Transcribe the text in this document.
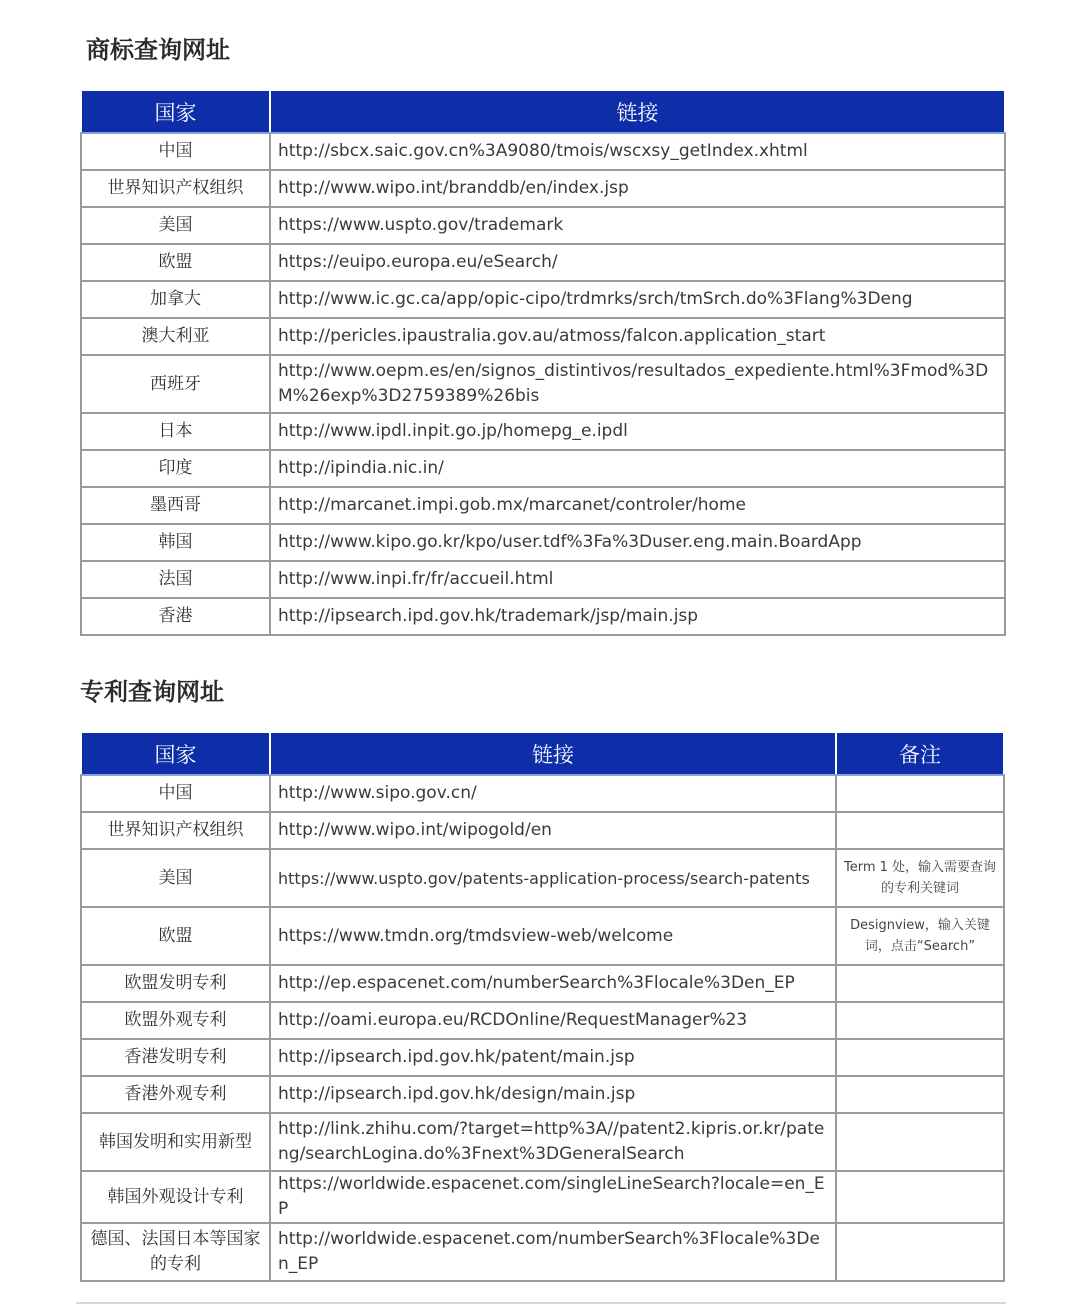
商标查询网址
国家	链接
中国	http://sbcx.saic.gov.cn%3A9080/tmois/wscxsy_getIndex.xhtml
世界知识产权组织	http://www.wipo.int/branddb/en/index.jsp
美国	https://www.uspto.gov/trademark
欧盟	https://euipo.europa.eu/eSearch/
加拿大	http://www.ic.gc.ca/app/opic-cipo/trdmrks/srch/tmSrch.do%3Flang%3Deng
澳大利亚	http://pericles.ipaustralia.gov.au/atmoss/falcon.application_start
西班牙	http://www.oepm.es/en/signos_distintivos/resultados_expediente.html%3Fmod%3DM%26exp%3D2759389%26bis
日本	http://www.ipdl.inpit.go.jp/homepg_e.ipdl
印度	http://ipindia.nic.in/
墨西哥	http://marcanet.impi.gob.mx/marcanet/controler/home
韩国	http://www.kipo.go.kr/kpo/user.tdf%3Fa%3Duser.eng.main.BoardApp
法国	http://www.inpi.fr/fr/accueil.html
香港	http://ipsearch.ipd.gov.hk/trademark/jsp/main.jsp
专利查询网址
国家	链接	备注
中国	http://www.sipo.gov.cn/	
世界知识产权组织	http://www.wipo.int/wipogold/en	
美国	https://www.uspto.gov/patents-application-process/search-patents	Term 1 处，输入需要查询的专利关键词
欧盟	https://www.tmdn.org/tmdsview-web/welcome	Designview，输入关键词，点击“Search”
欧盟发明专利	http://ep.espacenet.com/numberSearch%3Flocale%3Den_EP	
欧盟外观专利	http://oami.europa.eu/RCDOnline/RequestManager%23	
香港发明专利	http://ipsearch.ipd.gov.hk/patent/main.jsp	
香港外观专利	http://ipsearch.ipd.gov.hk/design/main.jsp	
韩国发明和实用新型	http://link.zhihu.com/?target=http%3A//patent2.kipris.or.kr/pateng/searchLogina.do%3Fnext%3DGeneralSearch	
韩国外观设计专利	https://worldwide.espacenet.com/singleLineSearch?locale=en_EP	
德国、法国日本等国家的专利	http://worldwide.espacenet.com/numberSearch%3Flocale%3Den_EP	
